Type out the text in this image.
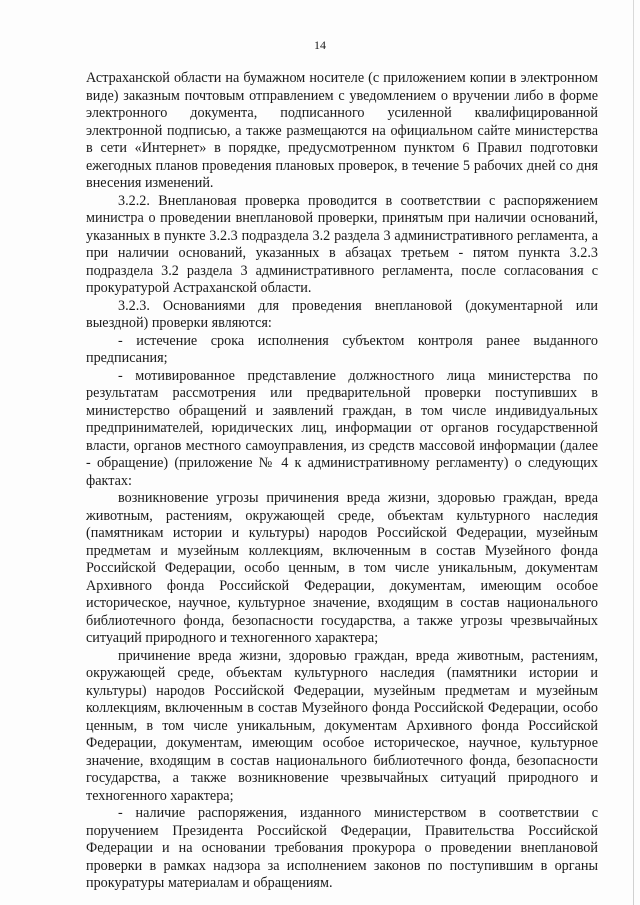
14

Астраханской области на бумажном носителе (с приложением копии в электронном виде) заказным почтовым отправлением с уведомлением о вручении либо в форме электронного документа, подписанного усиленной квалифицированной электронной подписью, а также размещаются на официальном сайте министерства в сети «Интернет» в порядке, предусмотренном пунктом 6 Правил подготовки ежегодных планов проведения плановых проверок, в течение 5 рабочих дней со дня внесения изменений.

3.2.2. Внеплановая проверка проводится в соответствии с распоряжением министра о проведении внеплановой проверки, принятым при наличии оснований, указанных в пункте 3.2.3 подраздела 3.2 раздела 3 административного регламента, а при наличии оснований, указанных в абзацах третьем - пятом пункта 3.2.3 подраздела 3.2 раздела 3 административного регламента, после согласования с прокуратурой Астраханской области.

3.2.3. Основаниями для проведения внеплановой (документарной или выездной) проверки являются:

- истечение срока исполнения субъектом контроля ранее выданного предписания;

- мотивированное представление должностного лица министерства по результатам рассмотрения или предварительной проверки поступивших в министерство обращений и заявлений граждан, в том числе индивидуальных предпринимателей, юридических лиц, информации от органов государственной власти, органов местного самоуправления, из средств массовой информации (далее - обращение) (приложение № 4 к административному регламенту) о следующих фактах:

возникновение угрозы причинения вреда жизни, здоровью граждан, вреда животным, растениям, окружающей среде, объектам культурного наследия (памятникам истории и культуры) народов Российской Федерации, музейным предметам и музейным коллекциям, включенным в состав Музейного фонда Российской Федерации, особо ценным, в том числе уникальным, документам Архивного фонда Российской Федерации, документам, имеющим особое историческое, научное, культурное значение, входящим в состав национального библиотечного фонда, безопасности государства, а также угрозы чрезвычайных ситуаций природного и техногенного характера;

причинение вреда жизни, здоровью граждан, вреда животным, растениям, окружающей среде, объектам культурного наследия (памятники истории и культуры) народов Российской Федерации, музейным предметам и музейным коллекциям, включенным в состав Музейного фонда Российской Федерации, особо ценным, в том числе уникальным, документам Архивного фонда Российской Федерации, документам, имеющим особое историческое, научное, культурное значение, входящим в состав национального библиотечного фонда, безопасности государства, а также возникновение чрезвычайных ситуаций природного и техногенного характера;

- наличие распоряжения, изданного министерством в соответствии с поручением Президента Российской Федерации, Правительства Российской Федерации и на основании требования прокурора о проведении внеплановой проверки в рамках надзора за исполнением законов по поступившим в органы прокуратуры материалам и обращениям.
